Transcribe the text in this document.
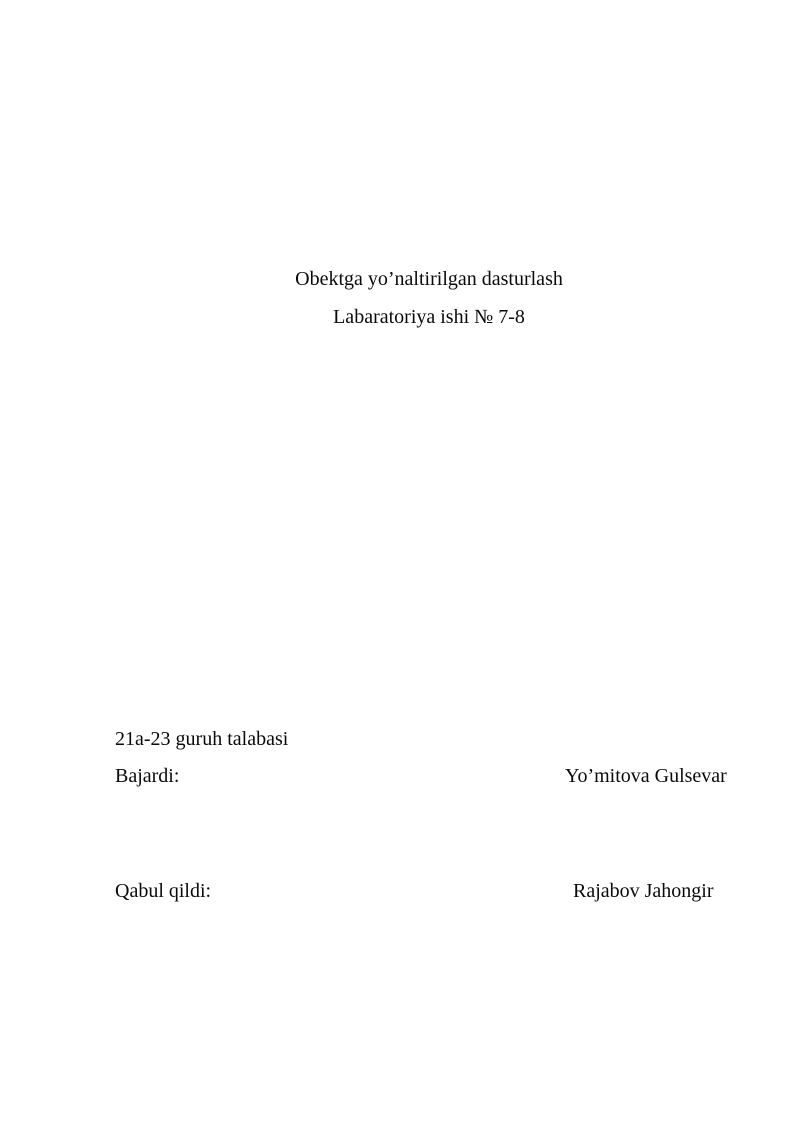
Obektga yo’naltirilgan dasturlash
Labaratoriya ishi № 7-8
21a-23 guruh talabasi
Bajardi:	Yo’mitova Gulsevar
Qabul qildi:	Rajabov Jahongir
